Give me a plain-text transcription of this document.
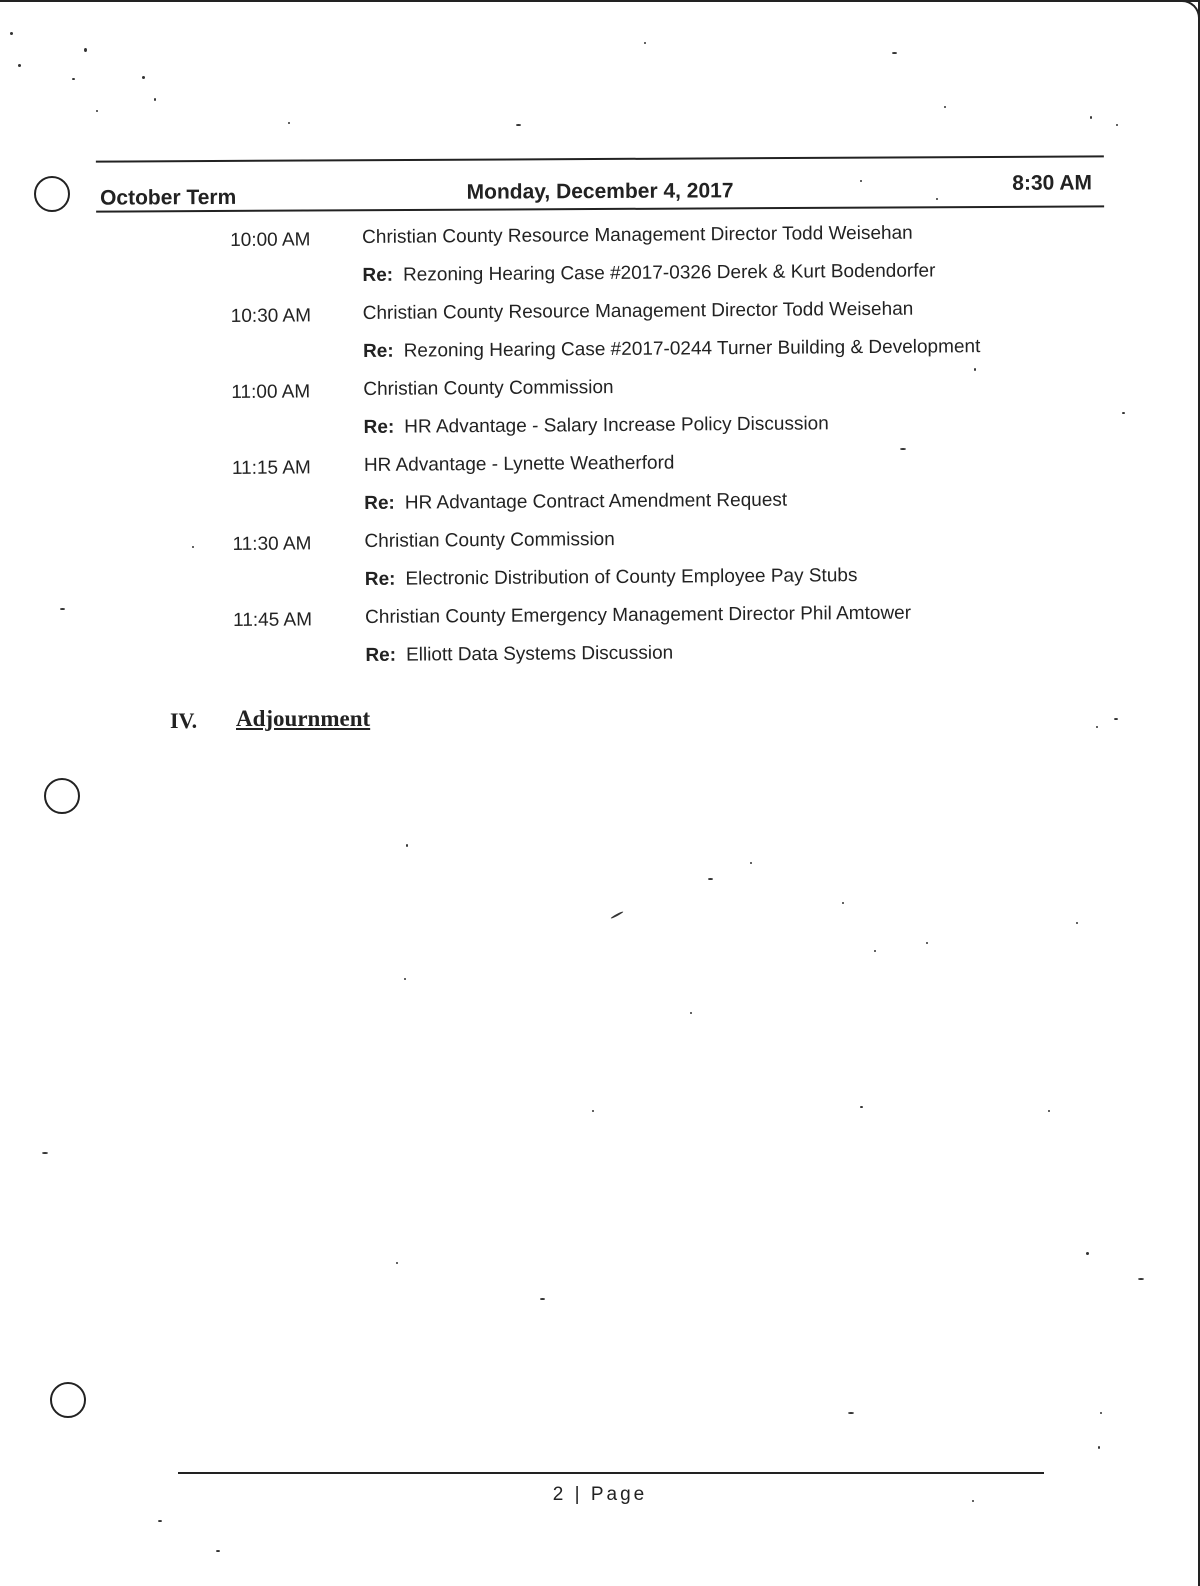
October Term	Monday, December 4, 2017	8:30 AM
10:00 AM	Christian County Resource Management Director Todd Weisehan
Re: Rezoning Hearing Case #2017-0326 Derek & Kurt Bodendorfer
10:30 AM	Christian County Resource Management Director Todd Weisehan
Re: Rezoning Hearing Case #2017-0244 Turner Building & Development
11:00 AM	Christian County Commission
Re: HR Advantage - Salary Increase Policy Discussion
11:15 AM	HR Advantage - Lynette Weatherford
Re: HR Advantage Contract Amendment Request
11:30 AM	Christian County Commission
Re: Electronic Distribution of County Employee Pay Stubs
11:45 AM	Christian County Emergency Management Director Phil Amtower
Re: Elliott Data Systems Discussion
IV. Adjournment
2 | Page
